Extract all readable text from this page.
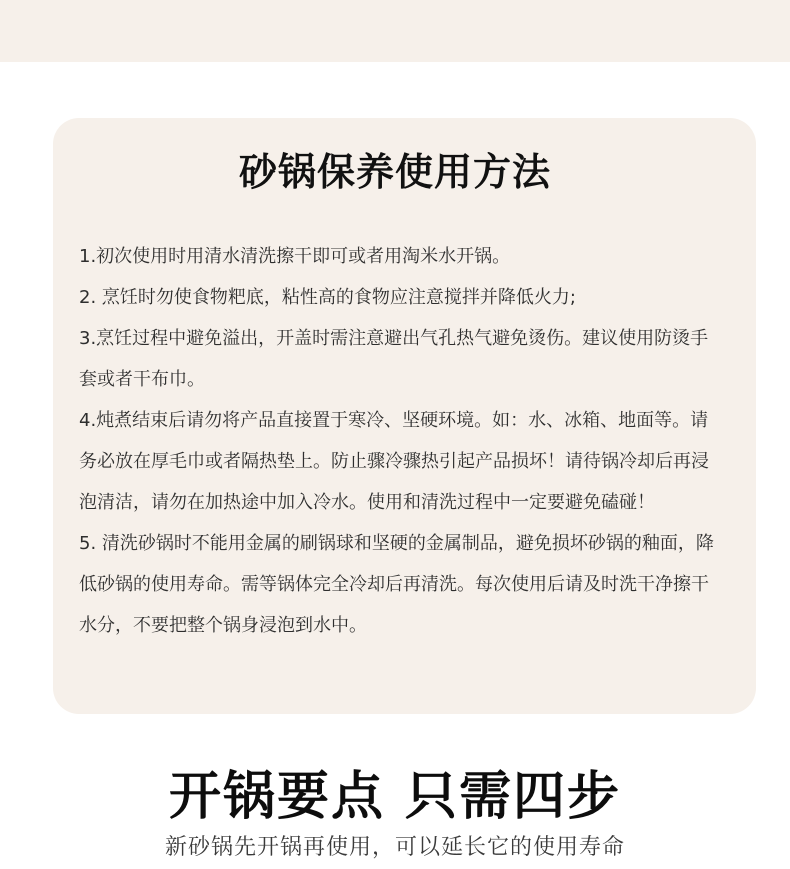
砂锅保养使用方法
1.初次使用时用清水清洗擦干即可或者用淘米水开锅。
2. 烹饪时勿使食物粑底，粘性高的食物应注意搅拌并降低火力;
3.烹饪过程中避免溢出，开盖时需注意避出气孔热气避免烫伤。建议使用防烫手套或者干布巾。
4.炖煮结束后请勿将产品直接置于寒冷、坚硬环境。如：水、冰箱、地面等。请务必放在厚毛巾或者隔热垫上。防止骤冷骤热引起产品损坏！请待锅冷却后再浸泡清洁，请勿在加热途中加入冷水。使用和清洗过程中一定要避免磕碰！
5. 清洗砂锅时不能用金属的刷锅球和坚硬的金属制品，避免损坏砂锅的釉面，降低砂锅的使用寿命。需等锅体完全冷却后再清洗。每次使用后请及时洗干净擦干水分，不要把整个锅身浸泡到水中。
开锅要点 只需四步

新砂锅先开锅再使用，可以延长它的使用寿命
